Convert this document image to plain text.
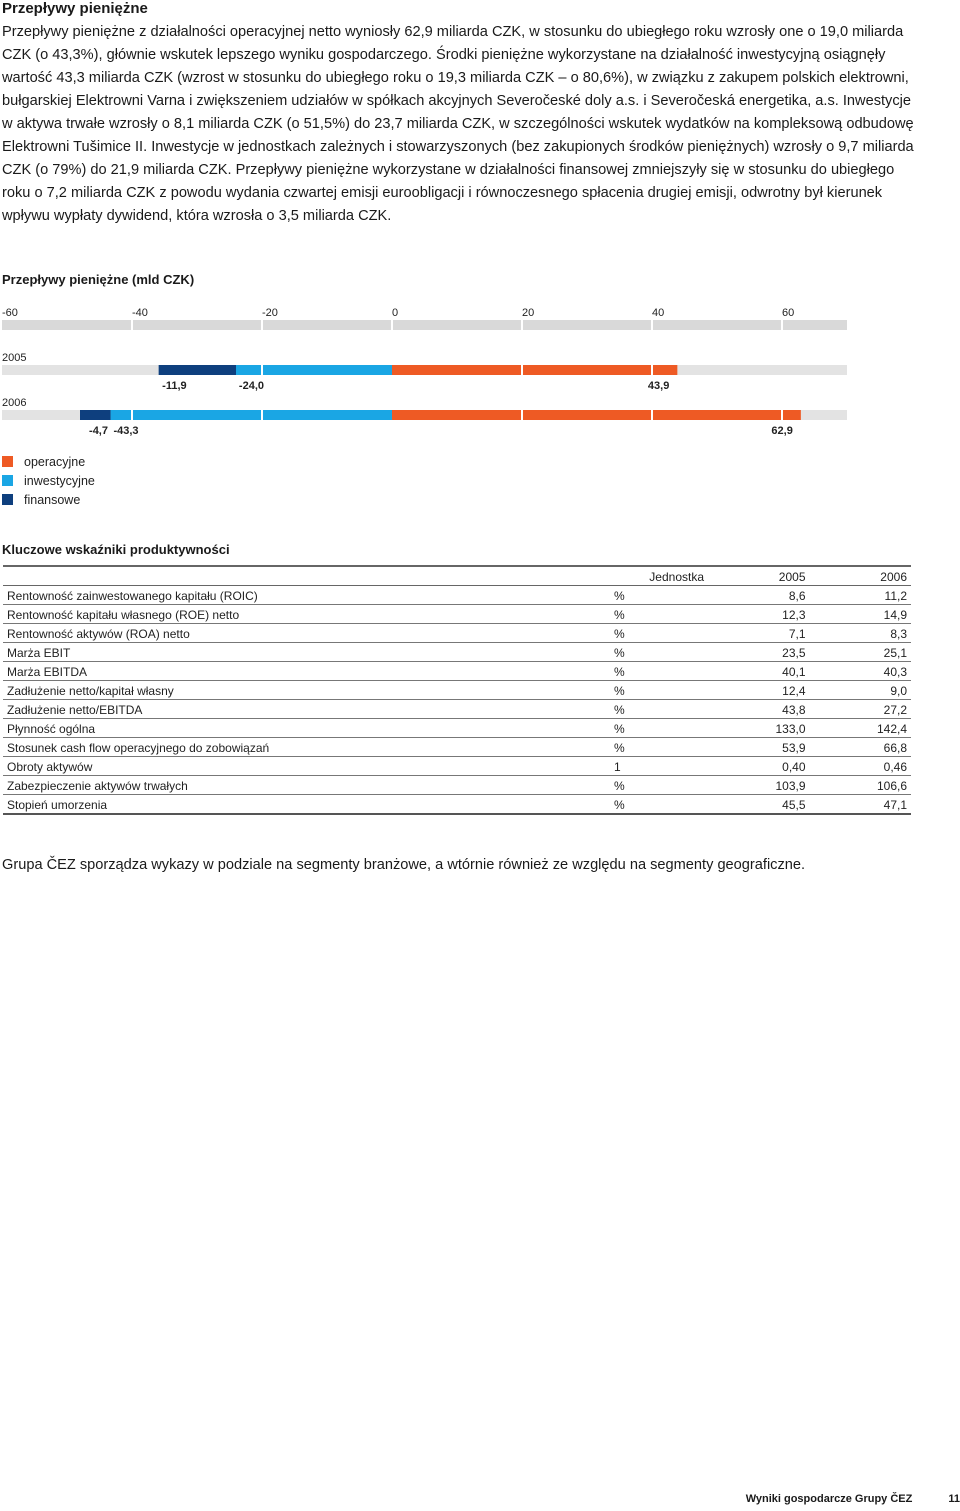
Przepływy pieniężne

Przepływy pieniężne z działalności operacyjnej netto wyniosły 62,9 miliarda CZK, w stosunku do ubiegłego roku wzrosły one o 19,0 miliarda CZK (o 43,3%), głównie wskutek lepszego wyniku gospodarczego. Środki pieniężne wykorzystane na działalność inwestycyjną osiągnęły wartość 43,3 miliarda CZK (wzrost w stosunku do ubiegłego roku o 19,3 miliarda CZK – o 80,6%), w związku z zakupem polskich elektrowni, bułgarskiej Elektrowni Varna i zwiększeniem udziałów w spółkach akcyjnych Severočeské doly a.s. i Severočeská energetika, a.s. Inwestycje w aktywa trwałe wzrosły o 8,1 miliarda CZK (o 51,5%) do 23,7 miliarda CZK, w szczególności wskutek wydatków na kompleksową odbudowę Elektrowni Tušimice II. Inwestycje w jednostkach zależnych i stowarzyszonych (bez zakupionych środków pieniężnych) wzrosły o 9,7 miliarda CZK (o 79%) do 21,9 miliarda CZK. Przepływy pieniężne wykorzystane w działalności finansowej zmniejszyły się w stosunku do ubiegłego roku o 7,2 miliarda CZK z powodu wydania czwartej emisji euroobligacji i równoczesnego spłacenia drugiej emisji, odwrotny był kierunek wpływu wypłaty dywidend, która wzrosła o 3,5 miliarda CZK.

Przepływy pieniężne (mld CZK)
-60	-40	-20	0	20	40	60
2005
2006
43,9
-24,0
-11,9
62,9
-43,3
-4,7
operacyjne
inwestycyjne
finansowe
Kluczowe wskaźniki produktywności
	Jednostka	2005	2006
Rentowność zainwestowanego kapitału (ROIC)	%	8,6	11,2
Rentowność kapitału własnego (ROE) netto	%	12,3	14,9
Rentowność aktywów (ROA) netto	%	7,1	8,3
Marża EBIT	%	23,5	25,1
Marża EBITDA	%	40,1	40,3
Zadłużenie netto/kapitał własny	%	12,4	9,0
Zadłużenie netto/EBITDA	%	43,8	27,2
Płynność ogólna	%	133,0	142,4
Stosunek cash flow operacyjnego do zobowiązań	%	53,9	66,8
Obroty aktywów	1	0,40	0,46
Zabezpieczenie aktywów trwałych	%	103,9	106,6
Stopień umorzenia	%	45,5	47,1

Grupa ČEZ sporządza wykazy w podziale na segmenty branżowe, a wtórnie również ze względu na segmenty geograficzne.

Wyniki gospodarcze Grupy ČEZ	11
